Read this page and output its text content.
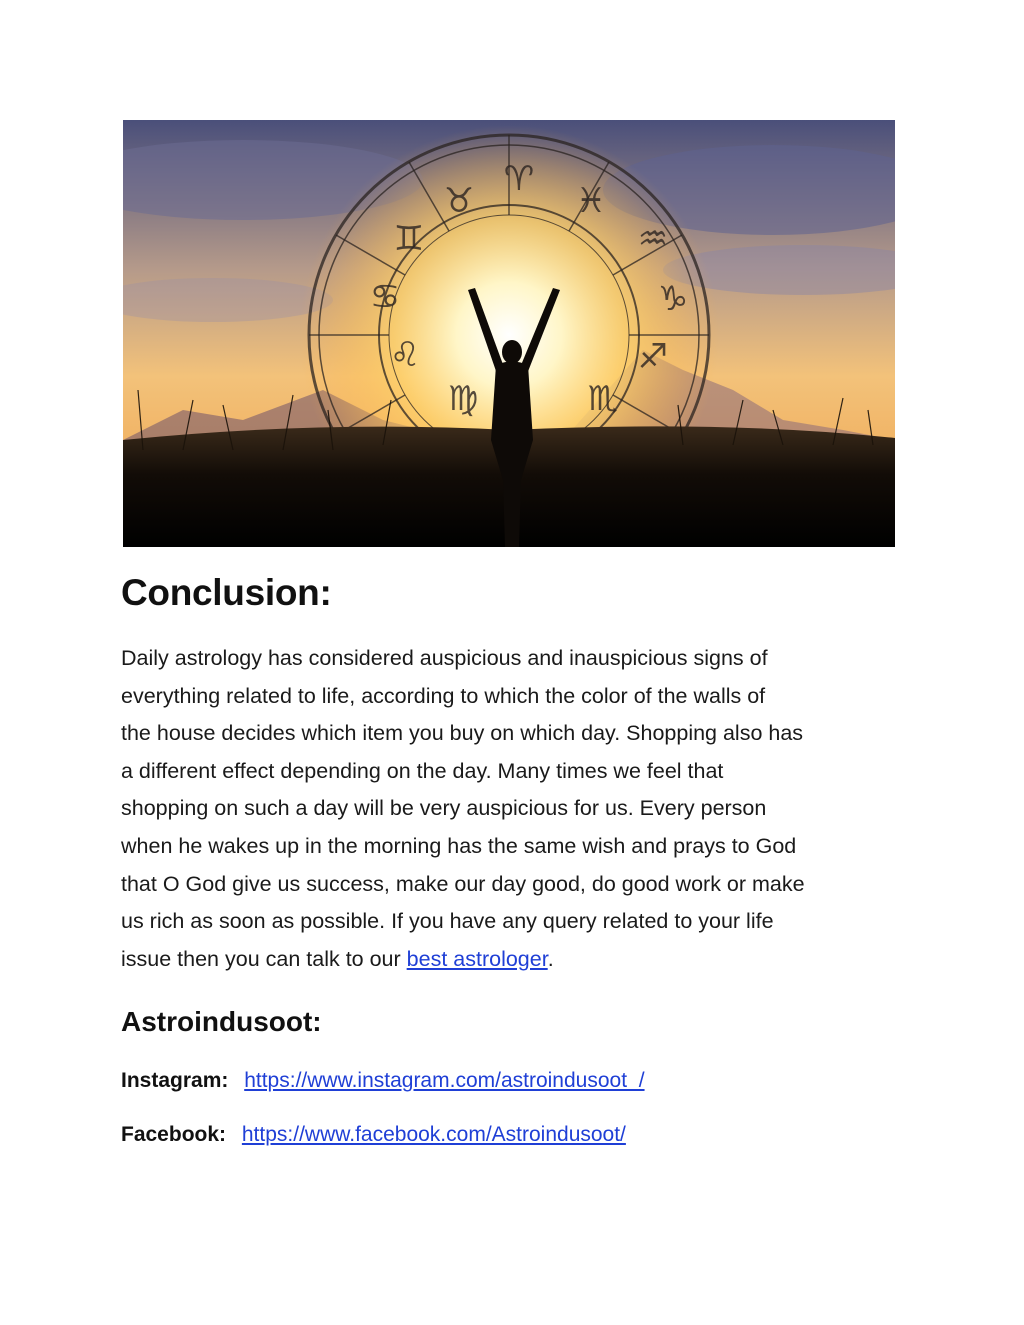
♉
♈
♓
♒
♑
♐
♏
♊
♋
♌
♍
Conclusion:

Daily astrology has considered auspicious and inauspicious signs of
everything related to life, according to which the color of the walls of
the house decides which item you buy on which day. Shopping also has
a different effect depending on the day. Many times we feel that
shopping on such a day will be very auspicious for us. Every person
when he wakes up in the morning has the same wish and prays to God
that O God give us success, make our day good, do good work or make
us rich as soon as possible. If you have any query related to your life
issue then you can talk to our best astrologer.

Astroindusoot:
Instagram: https://www.instagram.com/astroindusoot_/
Facebook: https://www.facebook.com/Astroindusoot/
